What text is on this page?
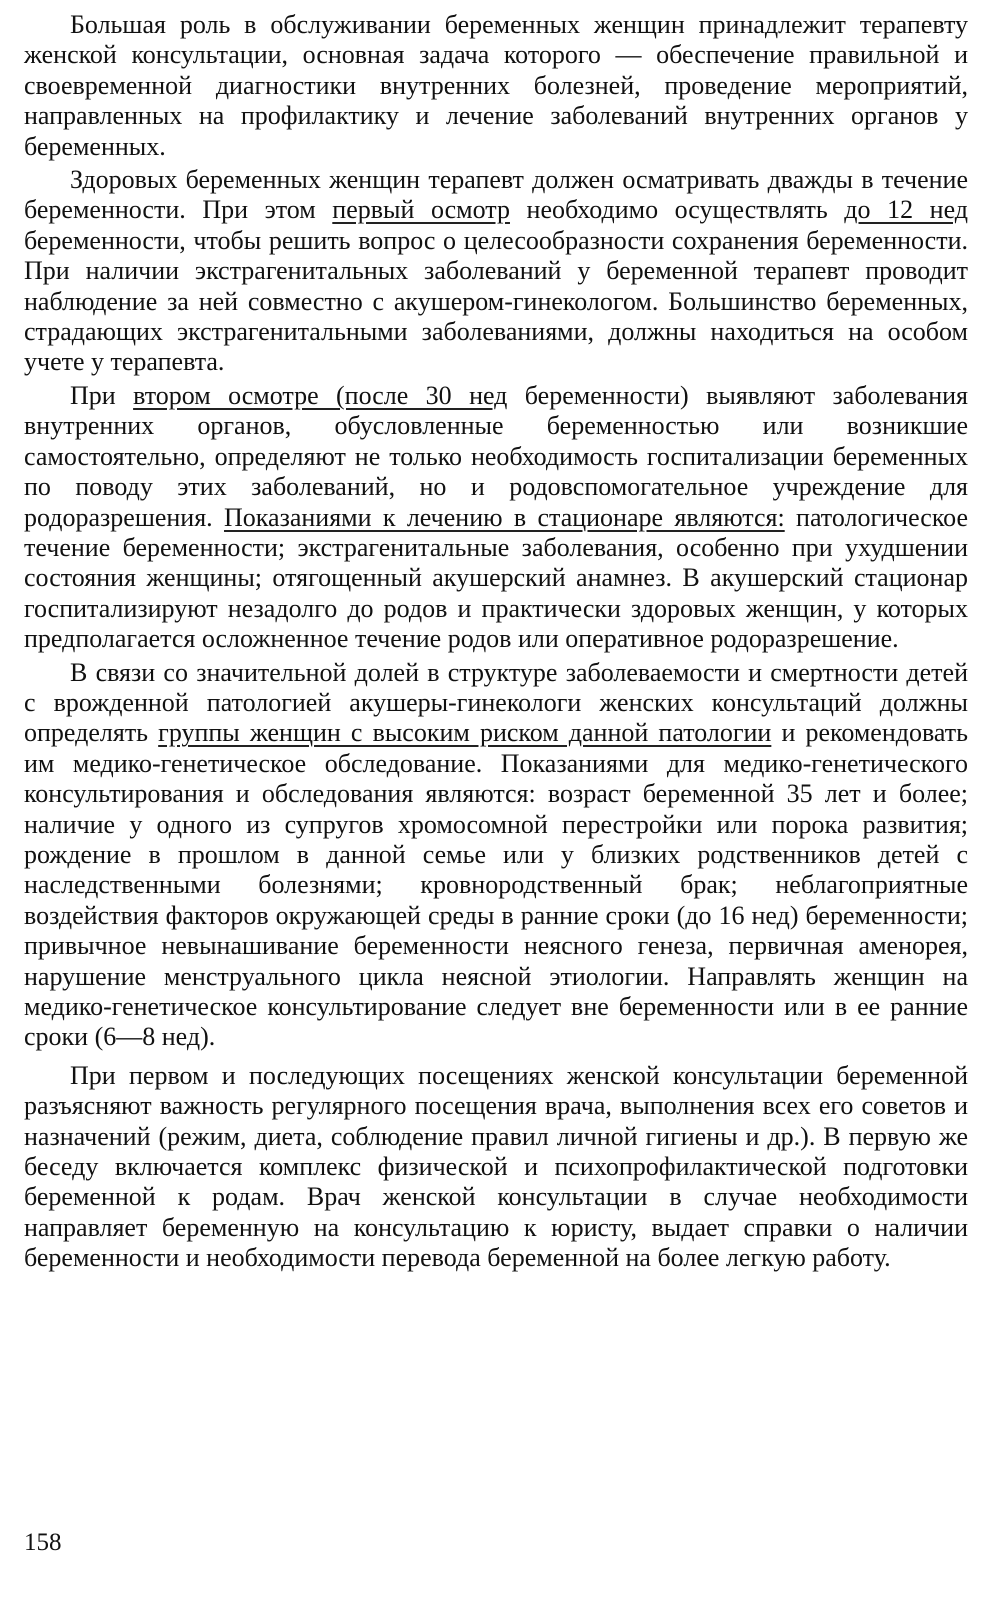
Большая роль в обслуживании беременных женщин принадлежит терапевту женской консультации, основная задача которого — обеспечение правильной и своевременной диагностики внутренних болезней, проведение мероприятий, направленных на профилактику и лечение заболеваний внутренних органов у беременных.

Здоровых беременных женщин терапевт должен осматривать дважды в течение беременности. При этом первый осмотр необходимо осуществлять до 12 нед беременности, чтобы решить вопрос о целесообразности сохранения беременности. При наличии экстрагенитальных заболеваний у беременной терапевт проводит наблюдение за ней совместно с акушером-гинекологом. Большинство беременных, страдающих экстрагенитальными заболеваниями, должны находиться на особом учете у терапевта.

При втором осмотре (после 30 нед беременности) выявляют заболевания внутренних органов, обусловленные беременностью или возникшие самостоятельно, определяют не только необходимость госпитализации беременных по поводу этих заболеваний, но и родовспомогательное учреждение для родоразрешения. Показаниями к лечению в стационаре являются: патологическое течение беременности; экстрагенитальные заболевания, особенно при ухудшении состояния женщины; отягощенный акушерский анамнез. В акушерский стационар госпитализируют незадолго до родов и практически здоровых женщин, у которых предполагается осложненное течение родов или оперативное родоразрешение.

В связи со значительной долей в структуре заболеваемости и смертности детей с врожденной патологией акушеры-гинекологи женских консультаций должны определять группы женщин с высоким риском данной патологии и рекомендовать им медико-генетическое обследование. Показаниями для медико-генетического консультирования и обследования являются: возраст беременной 35 лет и более; наличие у одного из супругов хромосомной перестройки или порока развития; рождение в прошлом в данной семье или у близких родственников детей с наследственными болезнями; кровнородственный брак; неблагоприятные воздействия факторов окружающей среды в ранние сроки (до 16 нед) беременности; привычное невынашивание беременности неясного генеза, первичная аменорея, нарушение менструального цикла неясной этиологии. Направлять женщин на медико-генетическое консультирование следует вне беременности или в ее ранние сроки (6—8 нед).

При первом и последующих посещениях женской консультации беременной разъясняют важность регулярного посещения врача, выполнения всех его советов и назначений (режим, диета, соблюдение правил личной гигиены и др.). В первую же беседу включается комплекс физической и психопрофилактической подготовки беременной к родам. Врач женской консультации в случае необходимости направляет беременную на консультацию к юристу, выдает справки о наличии беременности и необходимости перевода беременной на более легкую работу.

158
